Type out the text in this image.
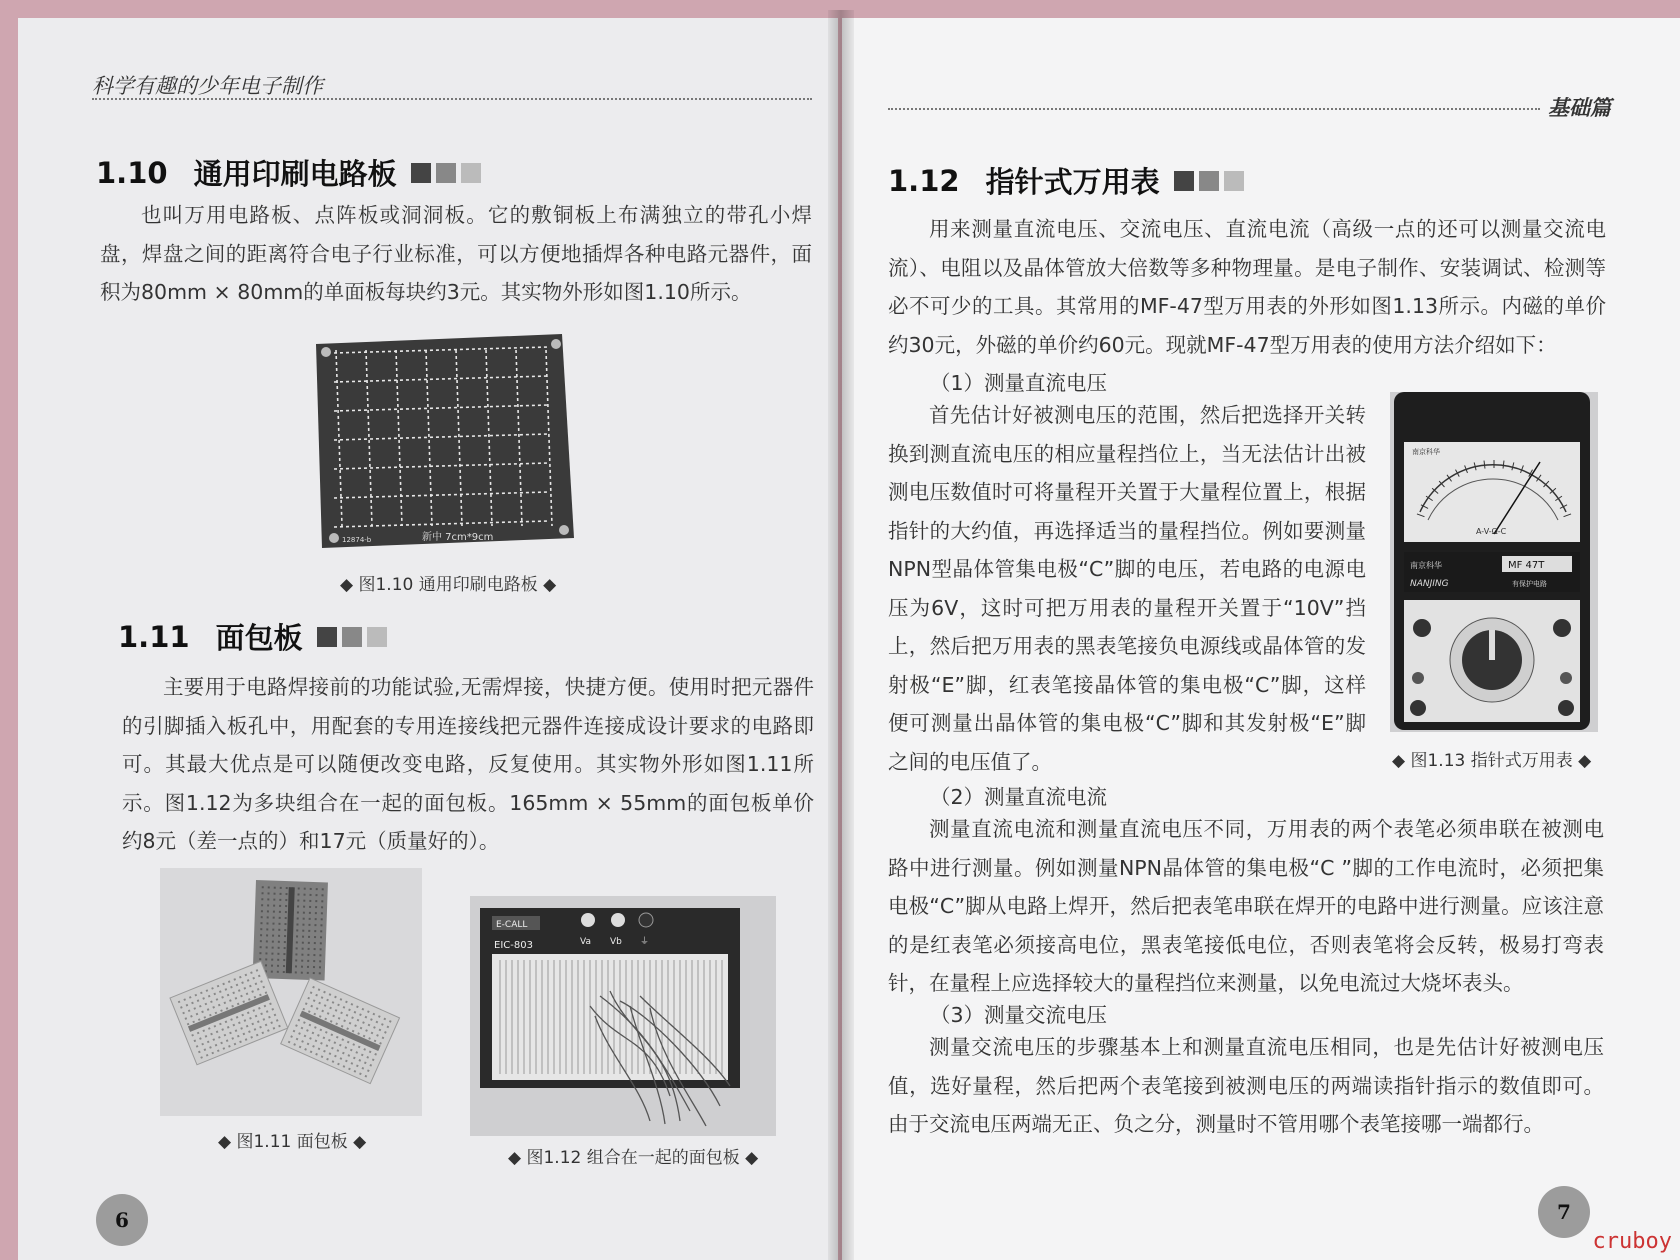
科学有趣的少年电子制作
1.10 通用印刷电路板

也叫万用电路板、点阵板或洞洞板。它的敷铜板上布满独立的带孔小焊盘，焊盘之间的距离符合电子行业标准，可以方便地插焊各种电路元器件，面积为80mm × 80mm的单面板每块约3元。其实物外形如图1.10所示。

新中 7cm*9cm
12874-b
◆ 图1.10 通用印刷电路板 ◆
1.11 面包板

主要用于电路焊接前的功能试验,无需焊接，快捷方便。使用时把元器件的引脚插入板孔中，用配套的专用连接线把元器件连接成设计要求的电路即可。其最大优点是可以随便改变电路，反复使用。其实物外形如图1.11所示。图1.12为多块组合在一起的面包板。165mm × 55mm的面包板单价约8元（差一点的）和17元（质量好的）。

◆ 图1.11 面包板 ◆
E-CALL
EIC-803	Va Vb ⏚
◆ 图1.12 组合在一起的面包板 ◆
6
基础篇
1.12 指针式万用表

用来测量直流电压、交流电压、直流电流（高级一点的还可以测量交流电流）、电阻以及晶体管放大倍数等多种物理量。是电子制作、安装调试、检测等必不可少的工具。其常用的MF-47型万用表的外形如图1.13所示。内磁的单价约30元，外磁的单价约60元。现就MF-47型万用表的使用方法介绍如下：

（1）测量直流电压

首先估计好被测电压的范围，然后把选择开关转换到测直流电压的相应量程挡位上，当无法估计出被测电压数值时可将量程开关置于大量程位置上，根据指针的大约值，再选择适当的量程挡位。例如要测量NPN型晶体管集电极“C”脚的电压，若电路的电源电压为6V，这时可把万用表的量程开关置于“10V”挡上，然后把万用表的黑表笔接负电源线或晶体管的发射极“E”脚，红表笔接晶体管的集电极“C”脚，这样便可测量出晶体管的集电极“C”脚和其发射极“E”脚之间的电压值了。

南京科华
A-V-Ω-C
南京科华
NANJING
MF 47T
有保护电路
◆ 图1.13 指针式万用表 ◆
（2）测量直流电流

测量直流电流和测量直流电压不同，万用表的两个表笔必须串联在被测电路中进行测量。例如测量NPN晶体管的集电极“C ”脚的工作电流时，必须把集电极“C”脚从电路上焊开，然后把表笔串联在焊开的电路中进行测量。应该注意的是红表笔必须接高电位，黑表笔接低电位，否则表笔将会反转，极易打弯表针，在量程上应选择较大的量程挡位来测量，以免电流过大烧坏表头。

（3）测量交流电压

测量交流电压的步骤基本上和测量直流电压相同，也是先估计好被测电压值，选好量程，然后把两个表笔接到被测电压的两端读指针指示的数值即可。由于交流电压两端无正、负之分，测量时不管用哪个表笔接哪一端都行。

7
cruboy
